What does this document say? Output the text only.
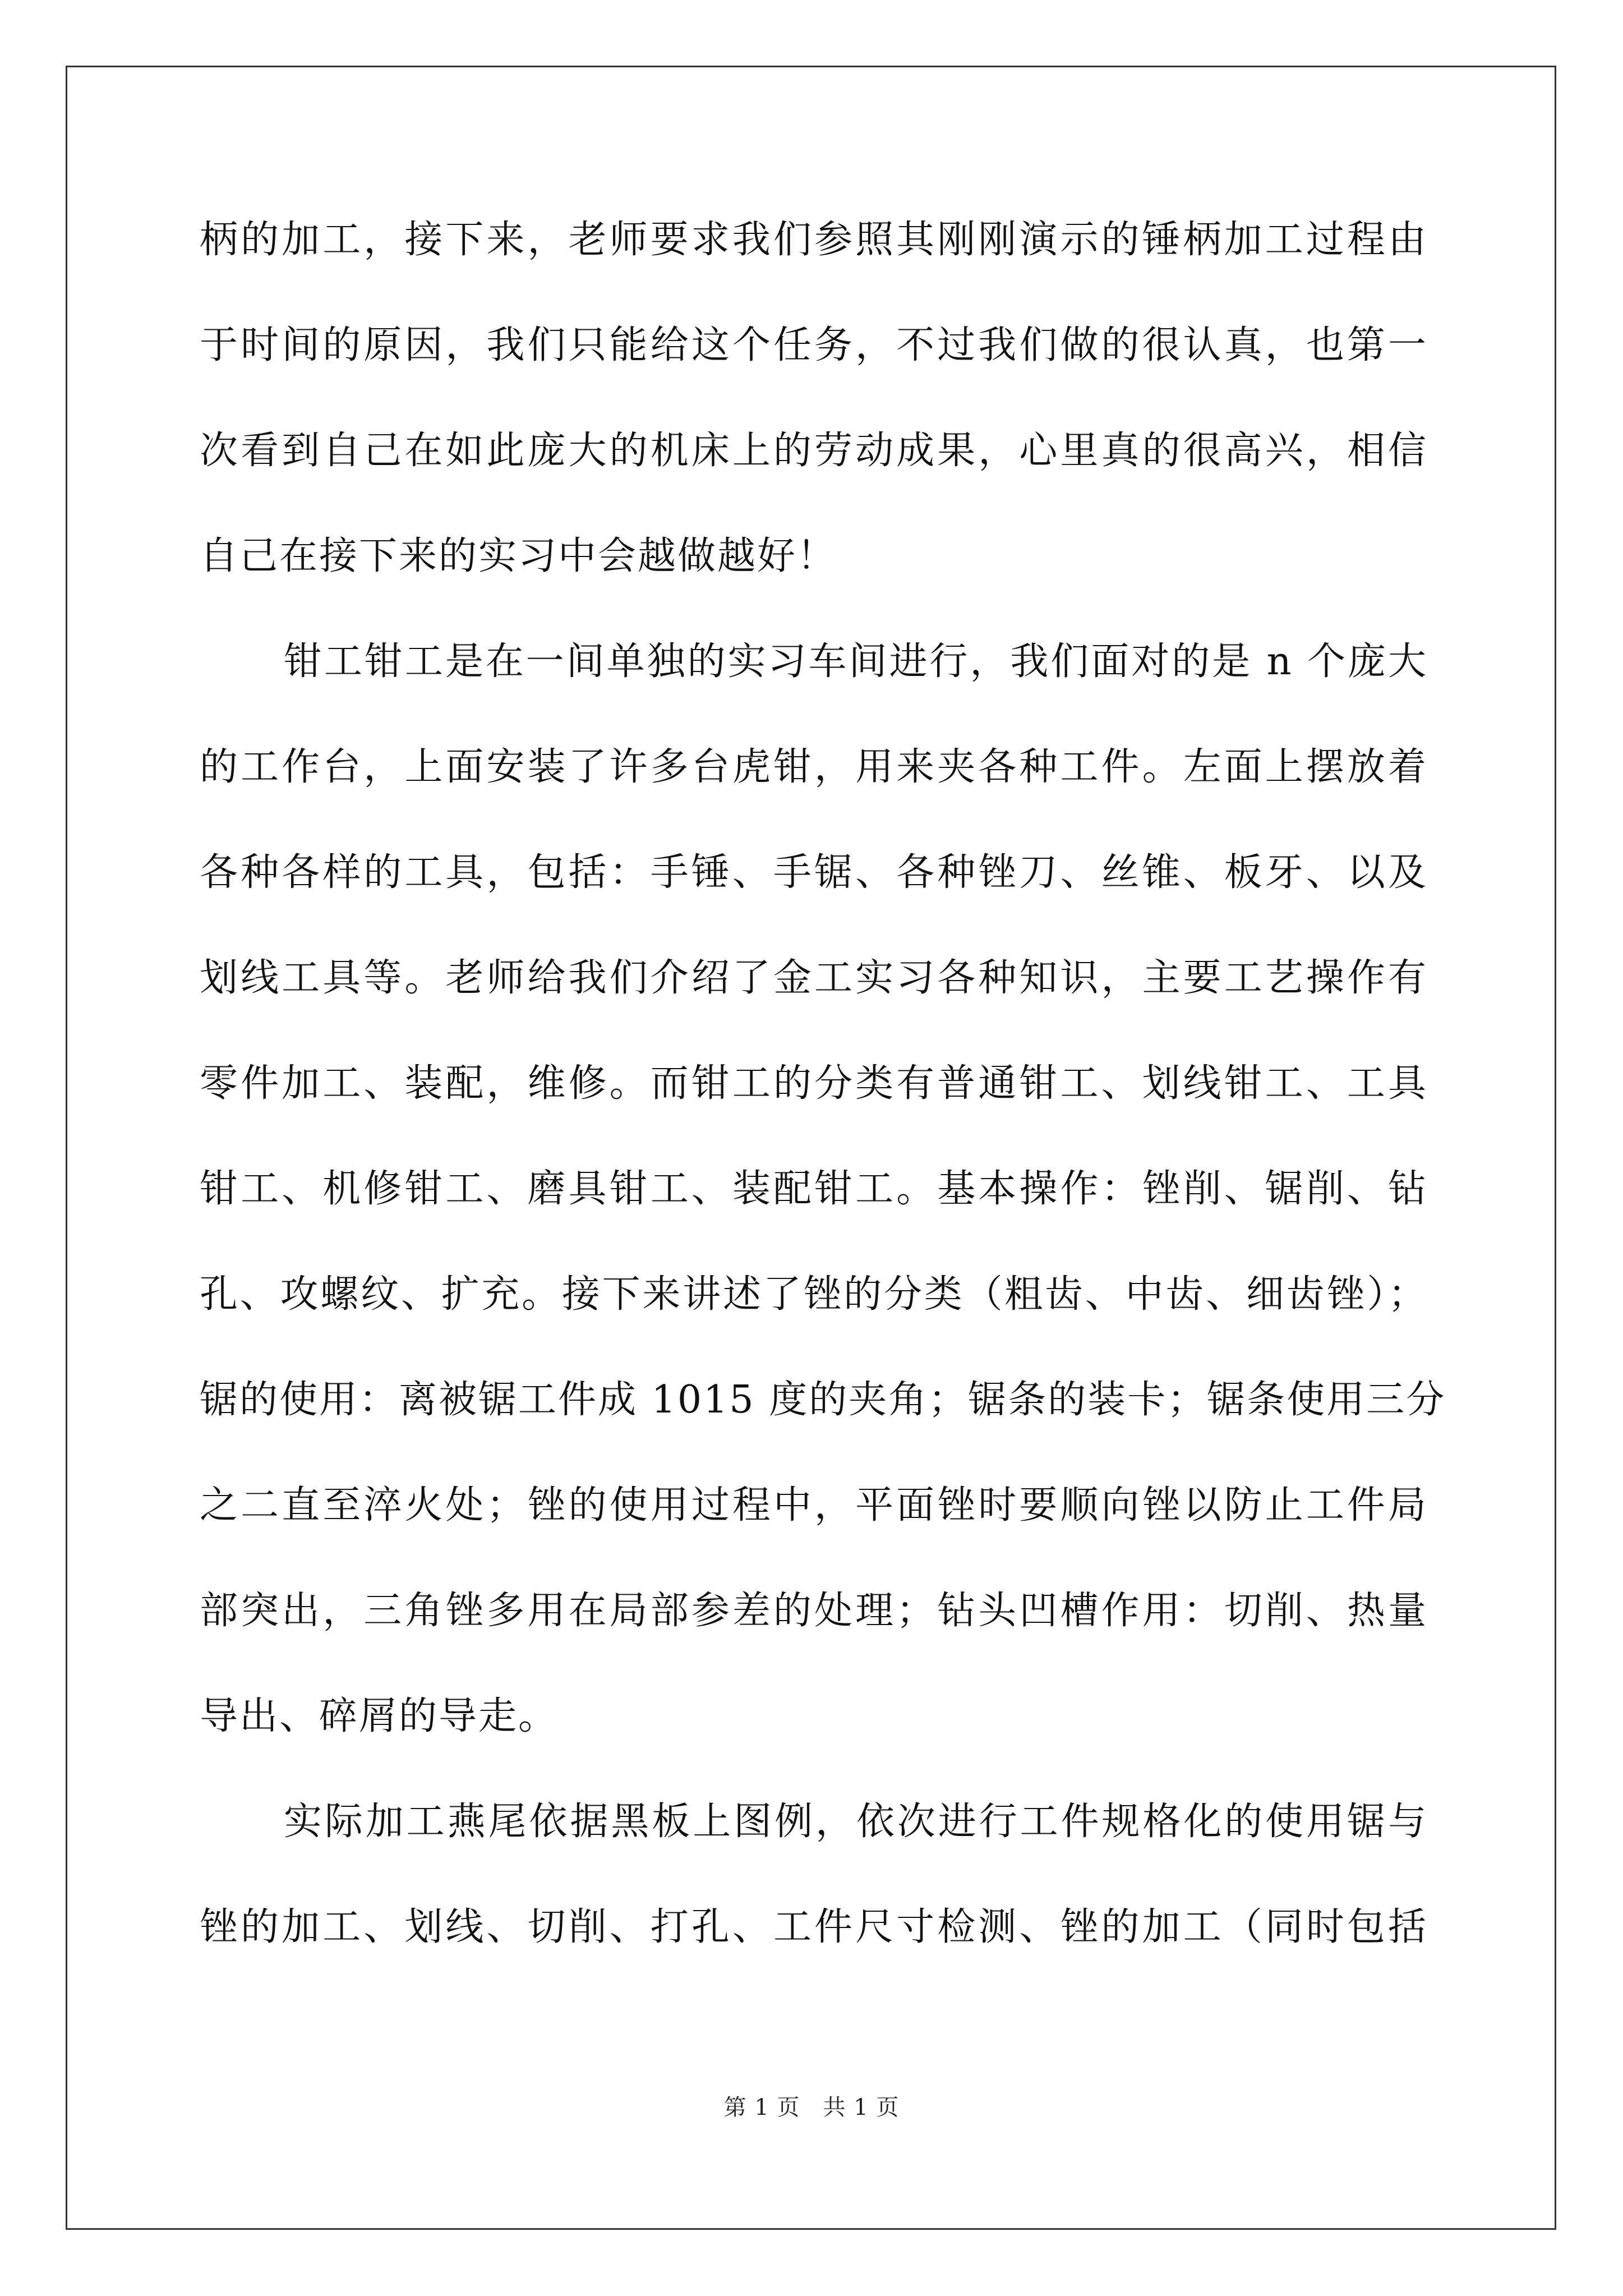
柄的加工，接下来，老师要求我们参照其刚刚演示的锤柄加工过程由

于时间的原因，我们只能给这个任务，不过我们做的很认真，也第一

次看到自己在如此庞大的机床上的劳动成果，心里真的很高兴，相信

自己在接下来的实习中会越做越好！

钳工钳工是在一间单独的实习车间进行，我们面对的是 n 个庞大

的工作台，上面安装了许多台虎钳，用来夹各种工件。左面上摆放着

各种各样的工具，包括：手锤、手锯、各种锉刀、丝锥、板牙、以及

划线工具等。老师给我们介绍了金工实习各种知识，主要工艺操作有

零件加工、装配，维修。而钳工的分类有普通钳工、划线钳工、工具

钳工、机修钳工、磨具钳工、装配钳工。基本操作：锉削、锯削、钻

孔、攻螺纹、扩充。接下来讲述了锉的分类（粗齿、中齿、细齿锉）；

锯的使用：离被锯工件成 1015 度的夹角；锯条的装卡；锯条使用三分

之二直至淬火处；锉的使用过程中，平面锉时要顺向锉以防止工件局

部突出，三角锉多用在局部参差的处理；钻头凹槽作用：切削、热量

导出、碎屑的导走。

实际加工燕尾依据黑板上图例，依次进行工件规格化的使用锯与

锉的加工、划线、切削、打孔、工件尺寸检测、锉的加工（同时包括

第 1 页　共 1 页
